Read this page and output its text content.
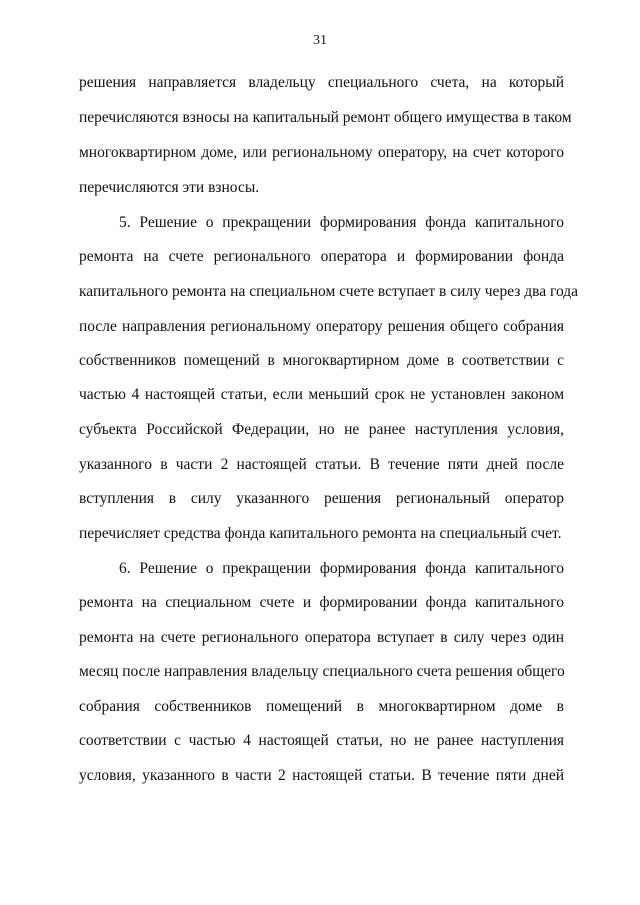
31
решения направляется владельцу специального счета, на который
перечисляются взносы на капитальный ремонт общего имущества в таком
многоквартирном доме, или региональному оператору, на счет которого
перечисляются эти взносы.
5. Решение о прекращении формирования фонда капитального
ремонта на счете регионального оператора и формировании фонда
капитального ремонта на специальном счете вступает в силу через два года
после направления региональному оператору решения общего собрания
собственников помещений в многоквартирном доме в соответствии с
частью 4 настоящей статьи, если меньший срок не установлен законом
субъекта Российской Федерации, но не ранее наступления условия,
указанного в части 2 настоящей статьи. В течение пяти дней после
вступления в силу указанного решения региональный оператор
перечисляет средства фонда капитального ремонта на специальный счет.
6. Решение о прекращении формирования фонда капитального
ремонта на специальном счете и формировании фонда капитального
ремонта на счете регионального оператора вступает в силу через один
месяц после направления владельцу специального счета решения общего
собрания собственников помещений в многоквартирном доме в
соответствии с частью 4 настоящей статьи, но не ранее наступления
условия, указанного в части 2 настоящей статьи. В течение пяти дней
